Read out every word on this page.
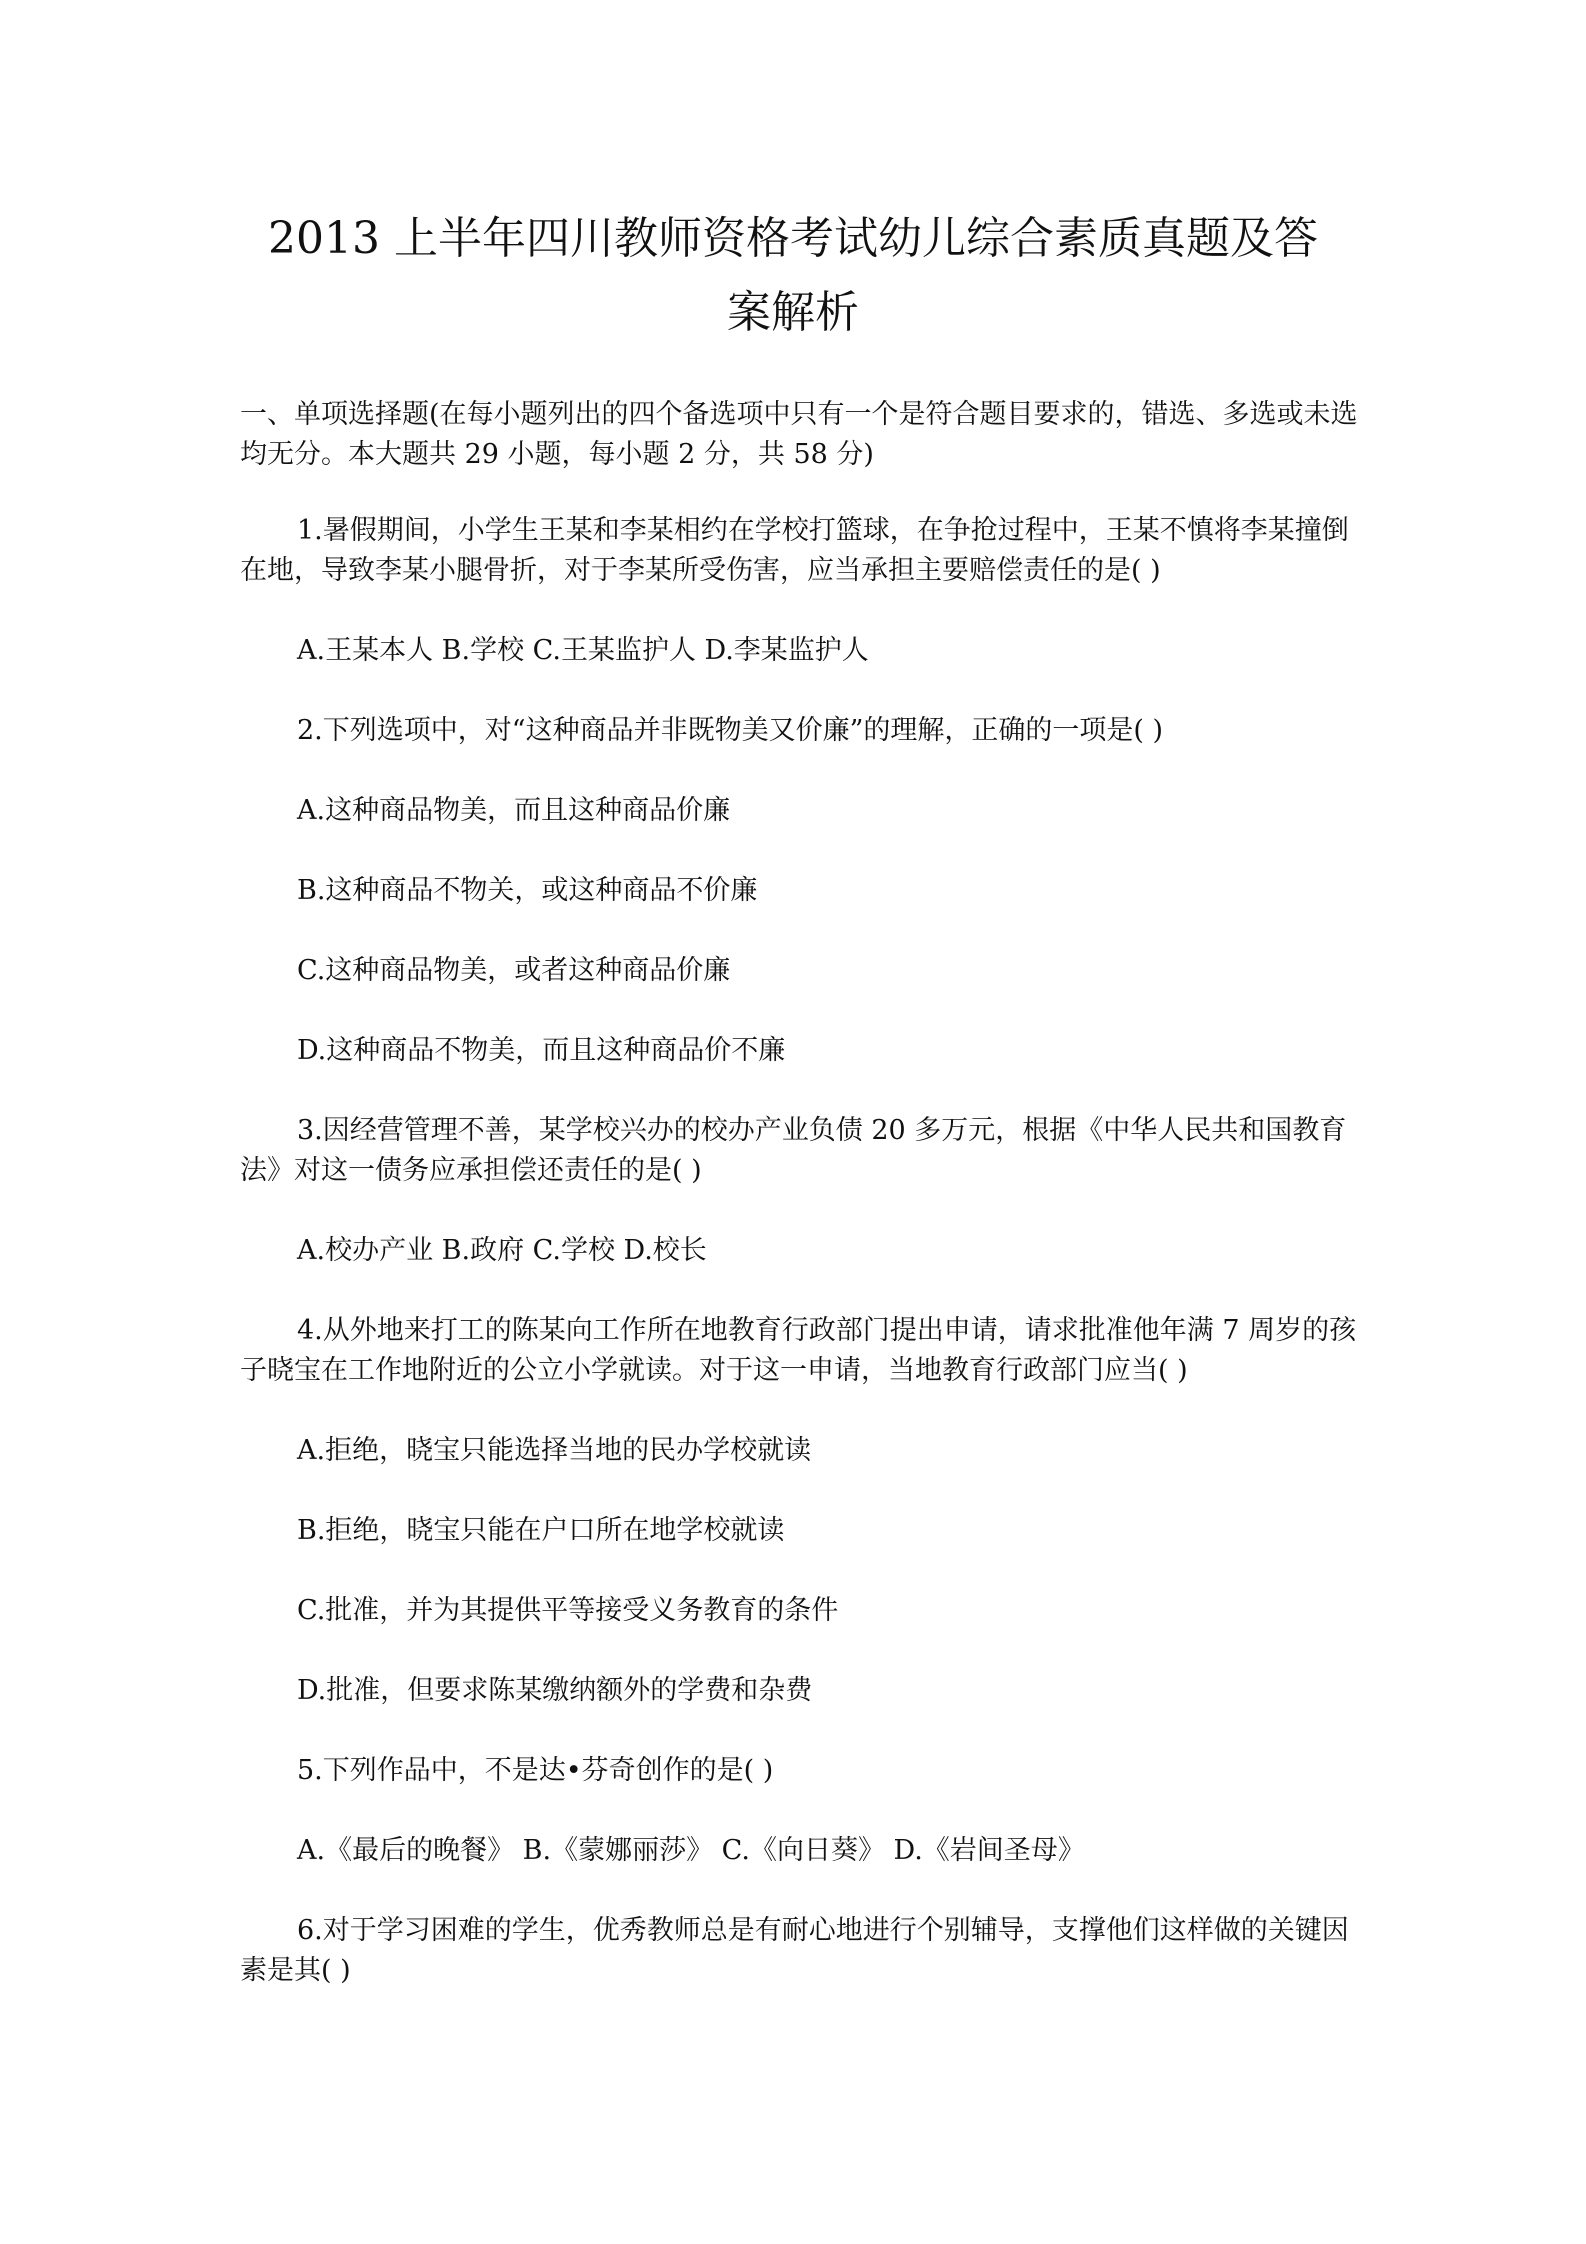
2013 上半年四川教师资格考试幼儿综合素质真题及答案解析

一、单项选择题(在每小题列出的四个备选项中只有一个是符合题目要求的，错选、多选或未选均无分。本大题共 29 小题，每小题 2 分，共 58 分)

1.暑假期间，小学生王某和李某相约在学校打篮球，在争抢过程中，王某不慎将李某撞倒在地，导致李某小腿骨折，对于李某所受伤害，应当承担主要赔偿责任的是( )

A.王某本人 B.学校 C.王某监护人 D.李某监护人

2.下列选项中，对“这种商品并非既物美又价廉”的理解，正确的一项是( )

A.这种商品物美，而且这种商品价廉

B.这种商品不物关，或这种商品不价廉

C.这种商品物美，或者这种商品价廉

D.这种商品不物美，而且这种商品价不廉

3.因经营管理不善，某学校兴办的校办产业负债 20 多万元，根据《中华人民共和国教育法》对这一债务应承担偿还责任的是( )

A.校办产业 B.政府 C.学校 D.校长

4.从外地来打工的陈某向工作所在地教育行政部门提出申请，请求批准他年满 7 周岁的孩子晓宝在工作地附近的公立小学就读。对于这一申请，当地教育行政部门应当( )

A.拒绝，晓宝只能选择当地的民办学校就读

B.拒绝，晓宝只能在户口所在地学校就读

C.批准，并为其提供平等接受义务教育的条件

D.批准，但要求陈某缴纳额外的学费和杂费

5.下列作品中，不是达•芬奇创作的是( )

A.《最后的晚餐》 B.《蒙娜丽莎》 C.《向日葵》 D.《岩间圣母》

6.对于学习困难的学生，优秀教师总是有耐心地进行个别辅导，支撑他们这样做的关键因素是其( )
